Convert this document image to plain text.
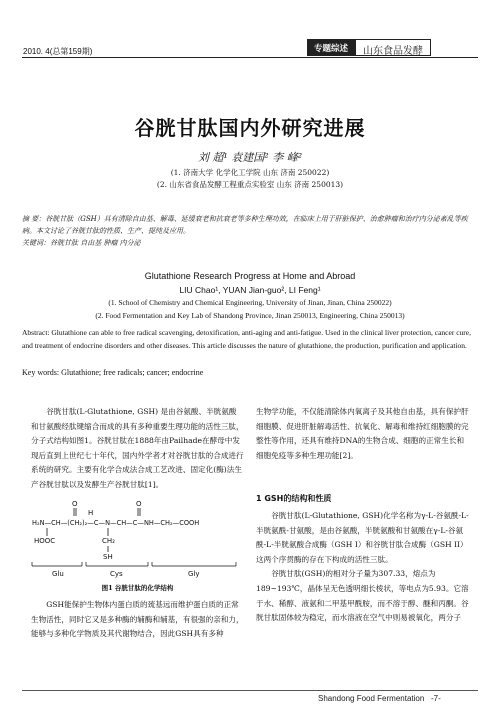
2010. 4(总第159期)	专题综述	山东食品发酵
谷胱甘肽国内外研究进展
刘 超¹ 袁建国² 李 峰²
(1. 济南大学 化学化工学院 山东 济南 250022)
(2. 山东省食品发酵工程重点实验室 山东 济南 250013)
摘 要：谷胱甘肽（GSH）具有清除自由基、解毒、延缓衰老和抗衰老等多种生理功效，在临床上用于肝脏保护、治愈肿瘤和治疗内分泌紊乱等疾病。本文讨论了谷胱甘肽的性质、生产、提纯及应用。
关键词：谷胱甘肽 自由基 肿瘤 内分泌
Glutathione Research Progress at Home and Abroad
LIU Chao¹, YUAN Jian-guo², LI Feng¹
(1. School of Chemistry and Chemical Engineering, University of Jinan, Jinan, China 250022)
(2. Food Fermentation and Key Lab of Shandong Province, Jinan 250013, Engineering, China 250013)
Abstract: Glutathione can able to free radical scavenging, detoxification, anti-aging and anti-fatigue. Used in the clinical liver protection, cancer cure, and treatment of endocrine disorders and other diseases. This article discusses the nature of glutathione, the production, purification and application.
Key words: Glutathione; free radicals; cancer; endocrine

谷胱甘肽(L-Glutathione, GSH) 是由谷氨酸、半胱氨酸和甘氨酸经肽键缩合而成的具有多种重要生理功能的活性三肽，分子式结构如图1。谷胱甘肽在1888年由Pailhade在酵母中发现后直到上世纪七十年代，国内外学者才对谷胱甘肽的合成进行系统的研究。主要有化学合成法合成工艺改进、固定化(酶)法生产谷胱甘肽以及发酵生产谷胱甘肽[1]。

O	O
H
H₂N—CH—(CH₂)₂—C—N—CH—C—NH—CH₂—COOH
HOOC	CH₂
SH
Glu	Cys	Gly
图1 谷胱甘肽的化学结构

GSH能保护生物体内蛋白质的巯基远而维护蛋白质的正常生物活性，同时它又是多种酶的辅酶和辅基，有很强的亲和力，能够与多种化学物质及其代谢物结合，因此GSH具有多种

生物学功能，不仅能清除体内氧离子及其他自由基，具有保护肝细胞膜、促进肝脏解毒活性、抗氧化、解毒和维持红细胞膜的完整性等作用，还具有维持DNA的生物合成、细胞的正常生长和细胞免疫等多种生理功能[2]。

1 GSH的结构和性质

谷胱甘肽(L-Glutathione, GSH)化学名称为γ-L-谷氨酰-L-半胱氨酰-甘氨酸，是由谷氨酸，半胱氨酸和甘氨酸在γ-L-谷氨酰-L-半胱氨酸合成酶（GSH I）和谷胱甘肽合成酶（GSH II）这两个序贯酶的存在下构成的活性三肽。

谷胱甘肽(GSH)的相对分子量为307.33，熔点为189~193℃，晶体呈无色透明细长棱状，等电点为5.93。它溶于水、稀醇、液氨和二甲基甲酰胺，而不溶于醇、醚和丙酮。谷胱甘肽固体较为稳定，而水溶液在空气中则易被氧化，两分子

Shandong Food Fermentation -7-
